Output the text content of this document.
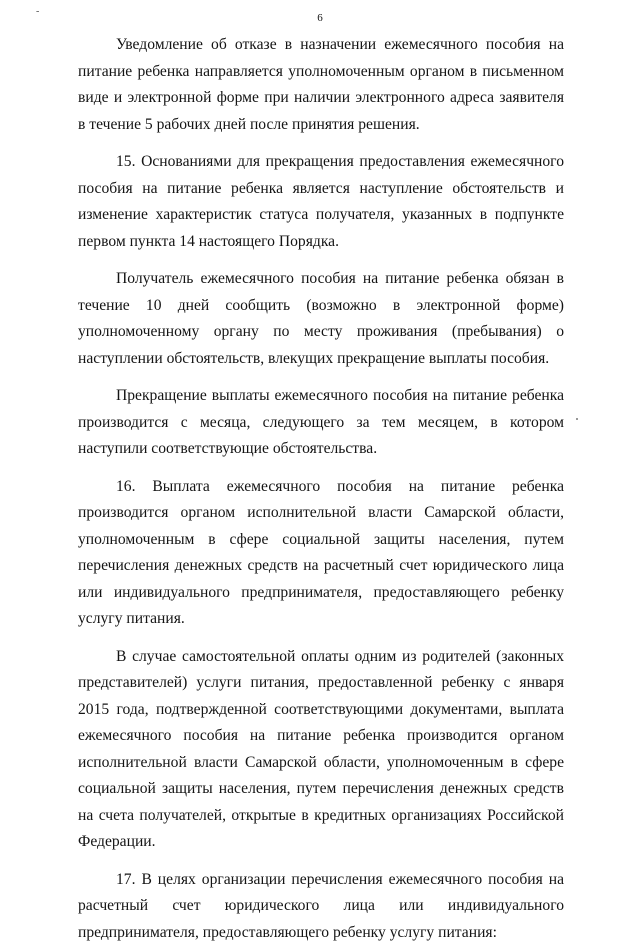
-
6

Уведомление об отказе в назначении ежемесячного пособия на питание ребенка направляется уполномоченным органом в письменном виде и электронной форме при наличии электронного адреса заявителя в течение 5 рабочих дней после принятия решения.

15. Основаниями для прекращения предоставления ежемесячного пособия на питание ребенка является наступление обстоятельств и изменение характеристик статуса получателя, указанных в подпункте первом пункта 14 настоящего Порядка.

Получатель ежемесячного пособия на питание ребенка обязан в течение 10 дней сообщить (возможно в электронной форме) уполномоченному органу по месту проживания (пребывания) о наступлении обстоятельств, влекущих прекращение выплаты пособия.

Прекращение выплаты ежемесячного пособия на питание ребенка производится с месяца, следующего за тем месяцем, в котором наступили соответствующие обстоятельства.

16. Выплата ежемесячного пособия на питание ребенка производится органом исполнительной власти Самарской области, уполномоченным в сфере социальной защиты населения, путем перечисления денежных средств на расчетный счет юридического лица или индивидуального предпринимателя, предоставляющего ребенку услугу питания.

В случае самостоятельной оплаты одним из родителей (законных представителей) услуги питания, предоставленной ребенку с января 2015 года, подтвержденной соответствующими документами, выплата ежемесячного пособия на питание ребенка производится органом исполнительной власти Самарской области, уполномоченным в сфере социальной защиты населения, путем перечисления денежных средств на счета получателей, открытые в кредитных организациях Российской Федерации.

17. В целях организации перечисления ежемесячного пособия на расчетный счет юридического лица или индивидуального предпринимателя, предоставляющего ребенку услугу питания:
